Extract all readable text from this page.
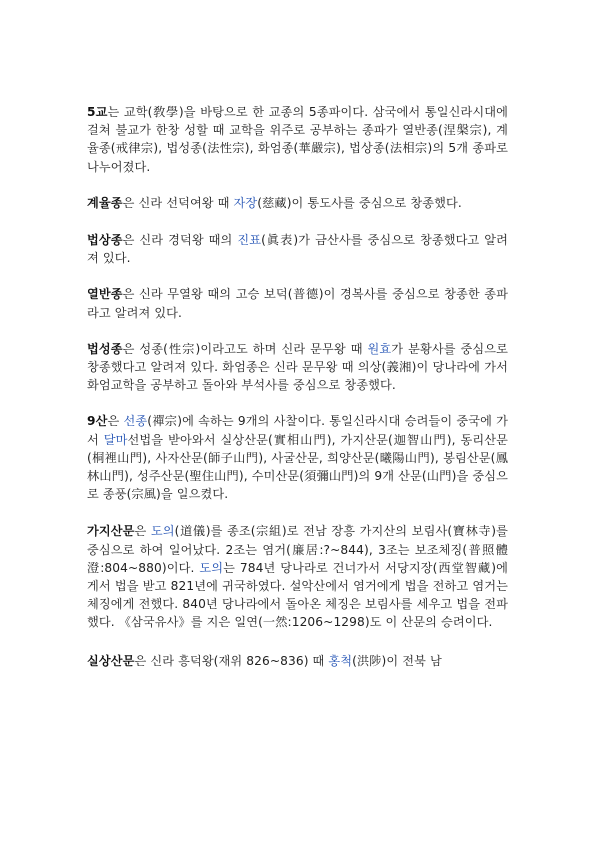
5교는 교학(敎學)을 바탕으로 한 교종의 5종파이다. 삼국에서 통일신라시대에 걸쳐 불교가 한창 성할 때 교학을 위주로 공부하는 종파가 열반종(涅槃宗), 계율종(戒律宗), 법성종(法性宗), 화엄종(華嚴宗), 법상종(法相宗)의 5개 종파로 나누어졌다.

계율종은 신라 선덕여왕 때 자장(慈藏)이 통도사를 중심으로 창종했다.

법상종은 신라 경덕왕 때의 진표(眞表)가 금산사를 중심으로 창종했다고 알려져 있다.

열반종은 신라 무열왕 때의 고승 보덕(普德)이 경복사를 중심으로 창종한 종파라고 알려져 있다.

법성종은 성종(性宗)이라고도 하며 신라 문무왕 때 원효가 분황사를 중심으로 창종했다고 알려져 있다. 화엄종은 신라 문무왕 때 의상(義湘)이 당나라에 가서 화엄교학을 공부하고 돌아와 부석사를 중심으로 창종했다.

9산은 선종(禪宗)에 속하는 9개의 사찰이다. 통일신라시대 승려들이 중국에 가서 달마선법을 받아와서 실상산문(實相山門), 가지산문(迦智山門), 동리산문(桐裡山門), 사자산문(師子山門), 사굴산문, 희양산문(曦陽山門), 봉림산문(鳳林山門), 성주산문(聖住山門), 수미산문(須彌山門)의 9개 산문(山門)을 중심으로 종풍(宗風)을 일으켰다.

가지산문은 도의(道儀)를 종조(宗組)로 전남 장흥 가지산의 보림사(寶林寺)를 중심으로 하여 일어났다. 2조는 염거(廉居:?~844), 3조는 보조체징(普照體澄:804~880)이다. 도의는 784년 당나라로 건너가서 서당지장(西堂智藏)에게서 법을 받고 821년에 귀국하였다. 설악산에서 염거에게 법을 전하고 염거는 체징에게 전했다. 840년 당나라에서 돌아온 체징은 보림사를 세우고 법을 전파했다. 《삼국유사》를 지은 일연(一然:1206~1298)도 이 산문의 승려이다.

실상산문은 신라 흥덕왕(재위 826~836) 때 홍척(洪陟)이 전북 남
